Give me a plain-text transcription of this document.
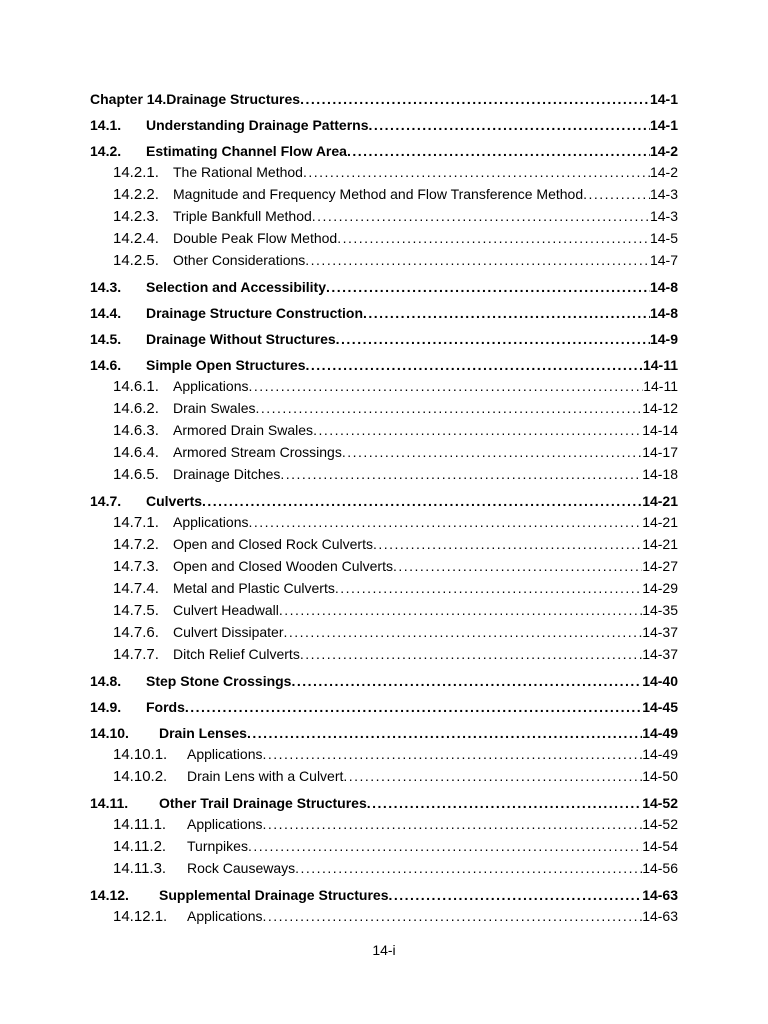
Chapter 14. Drainage Structures . . .	14-1
14.1.	Understanding Drainage Patterns . . .	14-1
14.2.	Estimating Channel Flow Area . . .	14-2
14.2.1.	The Rational Method . . .	14-2
14.2.2.	Magnitude and Frequency Method and Flow Transference Method . . .	14-3
14.2.3.	Triple Bankfull Method . . .	14-3
14.2.4.	Double Peak Flow Method . . .	14-5
14.2.5.	Other Considerations . . .	14-7
14.3.	Selection and Accessibility . . .	14-8
14.4.	Drainage Structure Construction . . .	14-8
14.5.	Drainage Without Structures . . .	14-9
14.6.	Simple Open Structures . . .	14-11
14.6.1.	Applications . . .	14-11
14.6.2.	Drain Swales . . .	14-12
14.6.3.	Armored Drain Swales . . .	14-14
14.6.4.	Armored Stream Crossings . . .	14-17
14.6.5.	Drainage Ditches . . .	14-18
14.7.	Culverts . . .	14-21
14.7.1.	Applications . . .	14-21
14.7.2.	Open and Closed Rock Culverts . . .	14-21
14.7.3.	Open and Closed Wooden Culverts . . .	14-27
14.7.4.	Metal and Plastic Culverts . . .	14-29
14.7.5.	Culvert Headwall . . .	14-35
14.7.6.	Culvert Dissipater . . .	14-37
14.7.7.	Ditch Relief Culverts . . .	14-37
14.8.	Step Stone Crossings . . .	14-40
14.9.	Fords . . .	14-45
14.10.	Drain Lenses . . .	14-49
14.10.1.	Applications . . .	14-49
14.10.2.	Drain Lens with a Culvert . . .	14-50
14.11.	Other Trail Drainage Structures . . .	14-52
14.11.1.	Applications . . .	14-52
14.11.2.	Turnpikes . . .	14-54
14.11.3.	Rock Causeways . . .	14-56
14.12.	Supplemental Drainage Structures . . .	14-63
14.12.1.	Applications . . .	14-63
14-i
